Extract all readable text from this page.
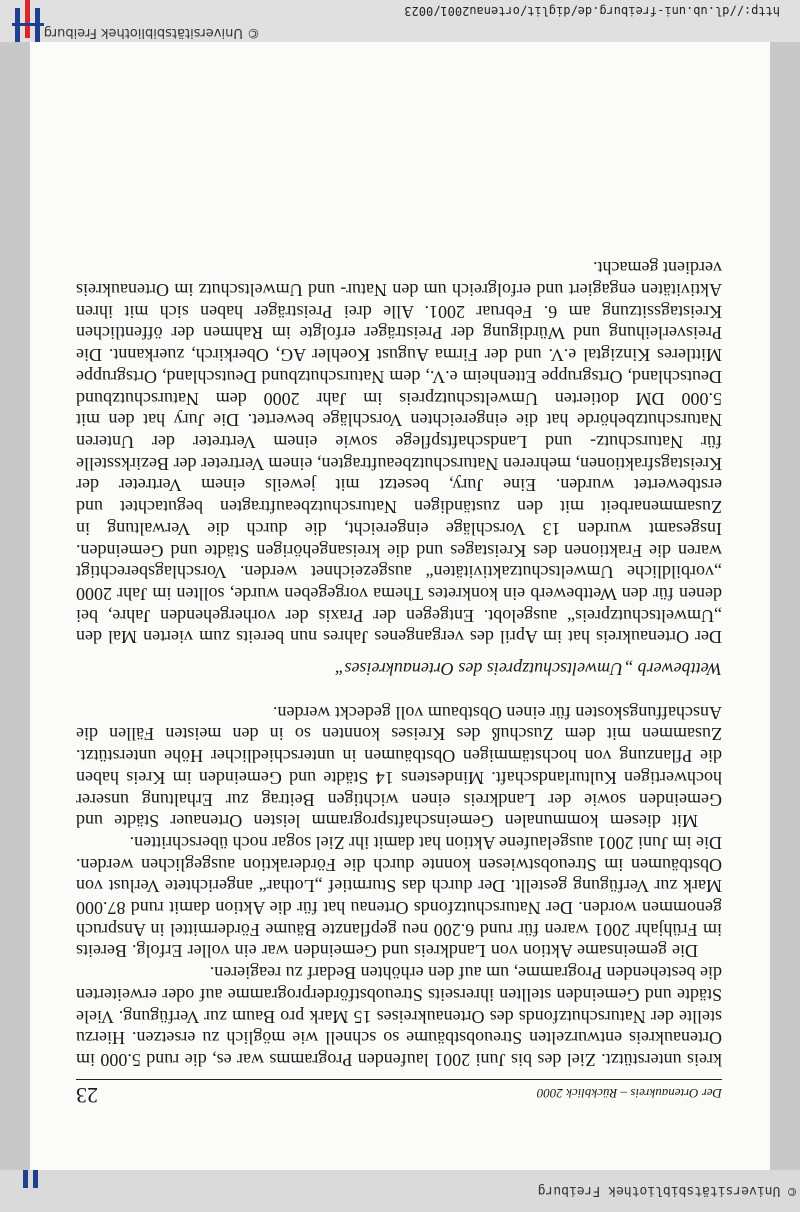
© Universitätsbibliothek Freiburg
Der Ortenaukreis – Rückblick 2000
23

kreis unterstützt. Ziel des bis Juni 2001 laufenden Programms war es, die rund 5.000 im Ortenaukreis entwurzelten Streuobstbäume so schnell wie möglich zu ersetzen. Hierzu stellte der Naturschutzfonds des Ortenaukreises 15 Mark pro Baum zur Verfügung. Viele Städte und Gemeinden stellten ihrerseits Streuobstförderprogramme auf oder erweiterten die bestehenden Programme, um auf den erhöhten Bedarf zu reagieren.

Die gemeinsame Aktion von Landkreis und Gemeinden war ein voller Erfolg. Bereits im Frühjahr 2001 waren für rund 6.200 neu gepflanzte Bäume Fördermittel in Anspruch genommen worden. Der Naturschutzfonds Ortenau hat für die Aktion damit rund 87.000 Mark zur Verfügung gestellt. Der durch das Sturmtief „Lothar“ angerichtete Verlust von Obstbäumen im Streuobstwiesen konnte durch die Förderaktion ausgeglichen werden. Die im Juni 2001 ausgelaufene Aktion hat damit ihr Ziel sogar noch überschritten.

Mit diesem kommunalen Gemeinschaftsprogramm leisten Ortenauer Städte und Gemeinden sowie der Landkreis einen wichtigen Beitrag zur Erhaltung unserer hochwertigen Kulturlandschaft. Mindestens 14 Städte und Gemeinden im Kreis haben die Pflanzung von hochstämmigen Obstbäumen in unterschiedlicher Höhe unterstützt. Zusammen mit dem Zuschuß des Kreises konnten so in den meisten Fällen die Anschaffungskosten für einen Obstbaum voll gedeckt werden.

Wettbewerb „Umweltschutzpreis des Ortenaukreises“

Der Ortenaukreis hat im April des vergangenes Jahres nun bereits zum vierten Mal den „Umweltschutzpreis“ ausgelobt. Entgegen der Praxis der vorhergehenden Jahre, bei denen für den Wettbewerb ein konkretes Thema vorgegeben wurde, sollten im Jahr 2000 „vorbildliche Umweltschutzaktivitäten“ ausgezeichnet werden. Vorschlagsberechtigt waren die Fraktionen des Kreistages und die kreisangehörigen Städte und Gemeinden. Insgesamt wurden 13 Vorschläge eingereicht, die durch die Verwaltung in Zusammenarbeit mit den zuständigen Naturschutzbeauftragten begutachtet und erstbewertet wurden. Eine Jury, besetzt mit jeweils einem Vertreter der Kreistagsfraktionen, mehreren Naturschutzbeauftragten, einem Vertreter der Bezirksstelle für Naturschutz- und Landschaftspflege sowie einem Vertreter der Unteren Naturschutzbehörde hat die eingereichten Vorschläge bewertet. Die Jury hat den mit 5.000 DM dotierten Umweltschutzpreis im Jahr 2000 dem Naturschutzbund Deutschland, Ortsgruppe Ettenheim e.V., dem Naturschutzbund Deutschland, Ortsgruppe Mittleres Kinzigtal e.V. und der Firma August Koehler AG, Oberkirch, zuerkannt. Die Preisverleihung und Würdigung der Preisträger erfolgte im Rahmen der öffentlichen Kreistagssitzung am 6. Februar 2001. Alle drei Preisträger haben sich mit ihren Aktivitäten engagiert und erfolgreich um den Natur- und Umweltschutz im Ortenaukreis verdient gemacht.

© Universitätsbibliothek Freiburg
http://dl.ub.uni-freiburg.de/diglit/ortenau2001/0023
